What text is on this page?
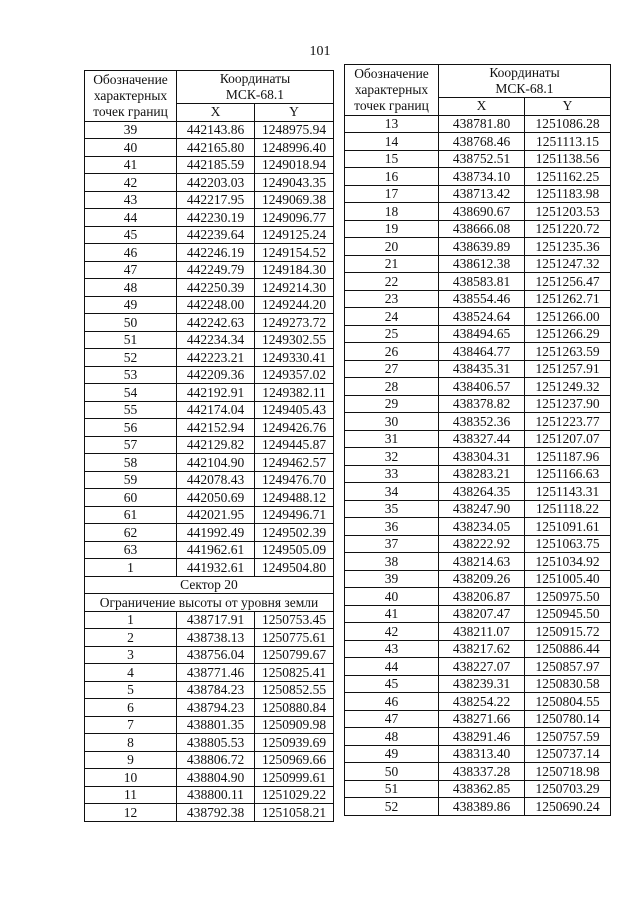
101
Обозначение характерных точек границ	Координаты
МСК-68.1	
	X	Y
39	442143.86	1248975.94
40	442165.80	1248996.40
41	442185.59	1249018.94
42	442203.03	1249043.35
43	442217.95	1249069.38
44	442230.19	1249096.77
45	442239.64	1249125.24
46	442246.19	1249154.52
47	442249.79	1249184.30
48	442250.39	1249214.30
49	442248.00	1249244.20
50	442242.63	1249273.72
51	442234.34	1249302.55
52	442223.21	1249330.41
53	442209.36	1249357.02
54	442192.91	1249382.11
55	442174.04	1249405.43
56	442152.94	1249426.76
57	442129.82	1249445.87
58	442104.90	1249462.57
59	442078.43	1249476.70
60	442050.69	1249488.12
61	442021.95	1249496.71
62	441992.49	1249502.39
63	441962.61	1249505.09
1	441932.61	1249504.80
Сектор 20		
Ограничение высоты от уровня земли		
1	438717.91	1250753.45
2	438738.13	1250775.61
3	438756.04	1250799.67
4	438771.46	1250825.41
5	438784.23	1250852.55
6	438794.23	1250880.84
7	438801.35	1250909.98
8	438805.53	1250939.69
9	438806.72	1250969.66
10	438804.90	1250999.61
11	438800.11	1251029.22
12	438792.38	1251058.21
Обозначение характерных точек границ	Координаты
МСК-68.1	
	X	Y
13	438781.80	1251086.28
14	438768.46	1251113.15
15	438752.51	1251138.56
16	438734.10	1251162.25
17	438713.42	1251183.98
18	438690.67	1251203.53
19	438666.08	1251220.72
20	438639.89	1251235.36
21	438612.38	1251247.32
22	438583.81	1251256.47
23	438554.46	1251262.71
24	438524.64	1251266.00
25	438494.65	1251266.29
26	438464.77	1251263.59
27	438435.31	1251257.91
28	438406.57	1251249.32
29	438378.82	1251237.90
30	438352.36	1251223.77
31	438327.44	1251207.07
32	438304.31	1251187.96
33	438283.21	1251166.63
34	438264.35	1251143.31
35	438247.90	1251118.22
36	438234.05	1251091.61
37	438222.92	1251063.75
38	438214.63	1251034.92
39	438209.26	1251005.40
40	438206.87	1250975.50
41	438207.47	1250945.50
42	438211.07	1250915.72
43	438217.62	1250886.44
44	438227.07	1250857.97
45	438239.31	1250830.58
46	438254.22	1250804.55
47	438271.66	1250780.14
48	438291.46	1250757.59
49	438313.40	1250737.14
50	438337.28	1250718.98
51	438362.85	1250703.29
52	438389.86	1250690.24
